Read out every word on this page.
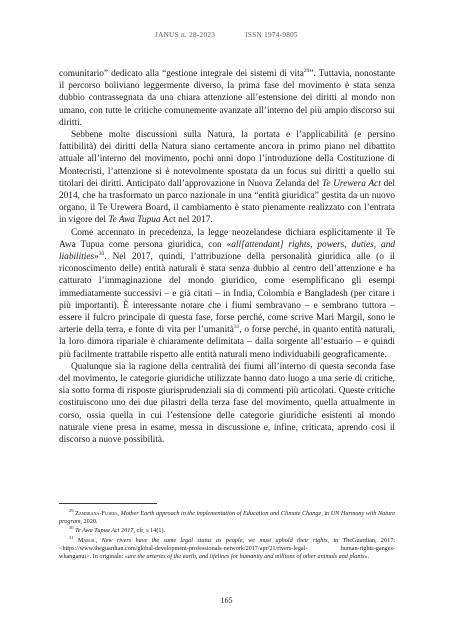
JANUS n. 28-2023	ISSN 1974-9805

comunitario” dedicato alla “gestione integrale dei sistemi di vita$^{29}$”. Tuttavia, nonostante il percorso boliviano leggermente diverso, la prima fase del movimento è stata senza dubbio contrassegnata da una chiara attenzione all’estensione dei diritti al mondo non umano, con tutte le critiche comunemente avanzate all’interno del più ampio discorso sui diritti.

Sebbene molte discussioni sulla Natura, la portata e l’applicabilità (e persino fattibilità) dei diritti della Natura siano certamente ancora in primo piano nel dibattito attuale all’interno del movimento, pochi anni dopo l’introduzione della Costituzione di Montecristi, l’attenzione si è notevolmente spostata da un focus sui diritti a quello sui titolari dei diritti. Anticipato dall’approvazione in Nuova Zelanda del Te Urewera Act del 2014, che ha trasformato un parco nazionale in una “entità giuridica” gestita da un nuovo organo, il Te Urewera Board, il cambiamento è stato pienamente realizzato con l’entrata in vigore del Te Awa Tupua Act nel 2017.

Come accennato in precedenza, la legge neozelandese dichiara esplicitamente il Te Awa Tupua come persona giuridica, con «all[attendant] rights, powers, duties, and liabilities»$^{30}$. Nel 2017, quindi, l’attribuzione della personalità giuridica alle (o il riconoscimento delle) entità naturali è stata senza dubbio al centro dell’attenzione e ha catturato l’immaginazione del mondo giuridico, come esemplificano gli esempi immediatamente successivi – e già citati – in India, Colombia e Bangladesh (per citare i più importanti). È interessante notare che i fiumi sembravano – e sembrano tuttora – essere il fulcro principale di questa fase, forse perché, come scrive Mari Margil, sono le arterie della terra, e fonte di vita per l’umanità$^{31}$, o forse perché, in quanto entità naturali, la loro dimora ripariale è chiaramente delimitata – dalla sorgente all’estuario – e quindi più facilmente trattabile rispetto alle entità naturali meno individuabili geograficamente.

Qualunque sia la ragione della centralità dei fiumi all’interno di questa seconda fase del movimento, le categorie giuridiche utilizzate hanno dato luogo a una serie di critiche, sia sotto forma di risposte giurisprudenziali sia di commenti più articolati. Queste critiche costituiscono uno dei due pilastri della terza fase del movimento, quella attualmente in corso, ossia quella in cui l’estensione delle categorie giuridiche esistenti al mondo naturale viene presa in esame, messa in discussione e, infine, criticata, aprendo così il discorso a nuove possibilità.

$^{29}$ Zambrana-Flores, Mother Earth approach in the implementation of Education and Climate Change, in UN Harmony with Nature program, 2020.

$^{30}$ Te Awa Tupua Act 2017, cfr, s 14(1).

$^{31}$ Margil, New rivers have the same legal status as people, we must uphold their rights, in TheGuardian, 2017: <https://www.theguardian.com/global-development-professionals-network/2017/apr/21/rivers-legal- human-rights-ganges-whanganui>. In originale: «are the arteries of the earth, and lifelines for humanity and millions of other animals and plants».

165
